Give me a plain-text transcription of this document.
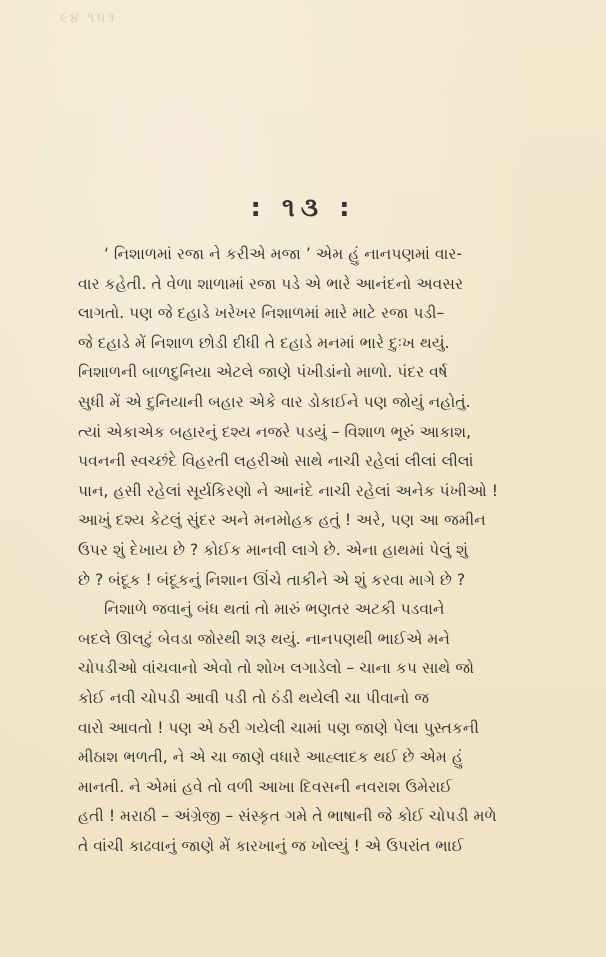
૯૪ ૧૫૧
: ૧૩ :
‘ નિશાળમાં રજા ને કરીએ મજા ’ એમ હું નાનપણમાં વાર-
વાર કહેતી. તે વેળા શાળામાં રજા પડે એ ભારે આનંદનો અવસર
લાગતો. પણ જે દહાડે ખરેખર નિશાળમાં મારે માટે રજા પડી–
જે દહાડે મેં નિશાળ છોડી દીધી તે દહાડે મનમાં ભારે દુઃખ થયું.
નિશાળની બાળદુનિયા એટલે જાણે પંખીડાંનો માળો. પંદર વર્ષ
સુધી મેં એ દુનિયાની બહાર એકે વાર ડોકાઈને પણ જોયું નહોતું.
ત્યાં એકાએક બહારનું દશ્ય નજરે પડયું – વિશાળ ભૂરું આકાશ,
પવનની સ્વચ્છંદે વિહરતી લહરીઓ સાથે નાચી રહેલાં લીલાં લીલાં
પાન, હસી રહેલાં સૂર્યકિરણો ને આનંદે નાચી રહેલાં અનેક પંખીઓ !
આખું દશ્ય કેટલું સુંદર અને મનમોહક હતું ! અરે, પણ આ જમીન
ઉપર શું દેખાય છે ? કોઈક માનવી લાગે છે. એના હાથમાં પેલું શું
છે ? બંદૂક ! બંદૂકનું નિશાન ઊંચે તાકીને એ શું કરવા માગે છે ?
નિશાળે જવાનું બંધ થતાં તો મારું ભણતર અટકી પડવાને
બદલે ઊલટું બેવડા જોરથી શરૂ થયું. નાનપણથી ભાઈએ મને
ચોપડીઓ વાંચવાનો એવો તો શોખ લગાડેલો – ચાના કપ સાથે જો
કોઈ નવી ચોપડી આવી પડી તો ઠંડી થયેલી ચા પીવાનો જ
વારો આવતો ! પણ એ ઠરી ગયેલી ચામાં પણ જાણે પેલા પુસ્તકની
મીઠાશ ભળતી, ને એ ચા જાણે વધારે આહ્લાદક થઈ છે એમ હું
માનતી. ને એમાં હવે તો વળી આખા દિવસની નવરાશ ઉમેરાઈ
હતી ! મરાઠી – અંગ્રેજી – સંસ્કૃત ગમે તે ભાષાની જે કોઈ ચોપડી મળે
તે વાંચી કાઢવાનું જાણે મેં કારખાનું જ ખોલ્યું ! એ ઉપરાંત ભાઈ
